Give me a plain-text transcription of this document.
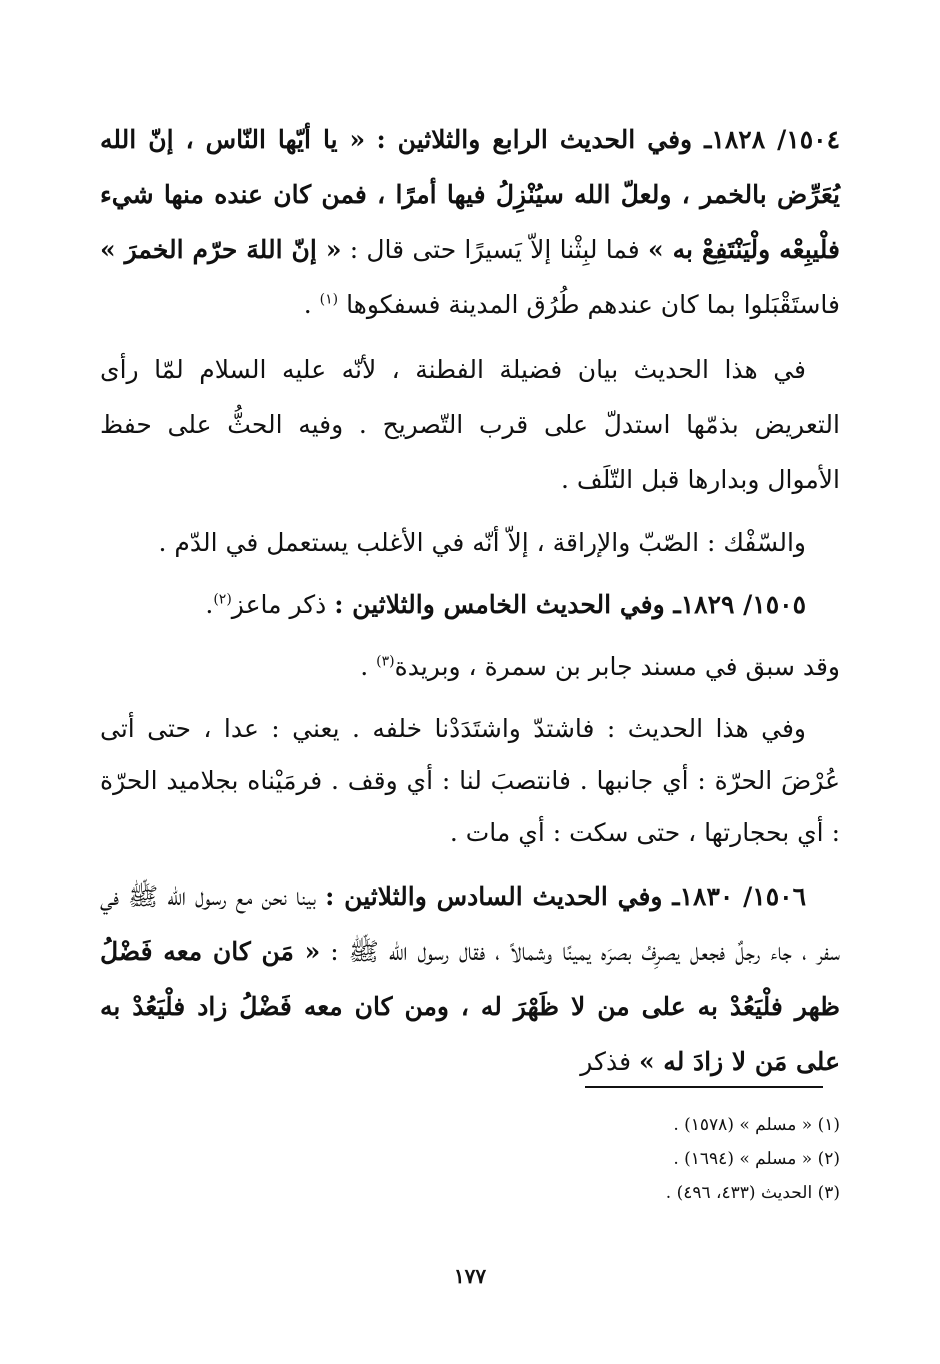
١٥٠٤/ ١٨٢٨ـ وفي الحديث الرابع والثلاثين : « يا أيّها النّاس ، إنّ الله يُعَرِّض بالخمر ، ولعلّ الله سيُنْزِلُ فيها أمرًا ، فمن كان عنده منها شيء فلْيبِعْه ولْيَنْتَفِعْ به » فما لبِثْنا إلاّ يَسيرًا حتى قال : « إنّ اللهَ حرّم الخمرَ » فاستَقْبَلوا بما كان عندهم طُرُق المدينة فسفكوها $^{(١)}$ .

في هذا الحديث بيان فضيلة الفطنة ، لأنّه عليه السلام لمّا رأى التعريض بذمّها استدلّ على قرب التّصريح . وفيه الحثُّ على حفظ الأموال وبدارها قبل التّلَف .

والسّفْك : الصّبّ والإراقة ، إلاّ أنّه في الأغلب يستعمل في الدّم .

١٥٠٥/ ١٨٢٩ـ وفي الحديث الخامس والثلاثين : ذكر ماعز$^{(٢)}$.

وقد سبق في مسند جابر بن سمرة ، وبريدة$^{(٣)}$ .

وفي هذا الحديث : فاشتدّ واشتَدَدْنا خلفه . يعني : عدا ، حتى أتى عُرْضَ الحرّة : أي جانبها . فانتصبَ لنا : أي وقف . فرمَيْناه بجلاميد الحرّة : أي بحجارتها ، حتى سكت : أي مات .

١٥٠٦/ ١٨٣٠ـ وفي الحديث السادس والثلاثين : بينا نحن مع رسول الله ﷺ في سفر ، جاء رجلٌ فجعل يصرِفُ بصرَه يمينًا وشمالاً ، فقال رسول الله ﷺ : « مَن كان معه فَضْلُ ظهر فلْيَعُدْ به على من لا ظَهْرَ له ، ومن كان معه فَضْلُ زاد فلْيَعُدْ به على مَن لا زادَ له » فذكر

(١) « مسلم » (١٥٧٨) .

(٢) « مسلم » (١٦٩٤) .

(٣) الحديث (٤٣٣، ٤٩٦) .

١٧٧
